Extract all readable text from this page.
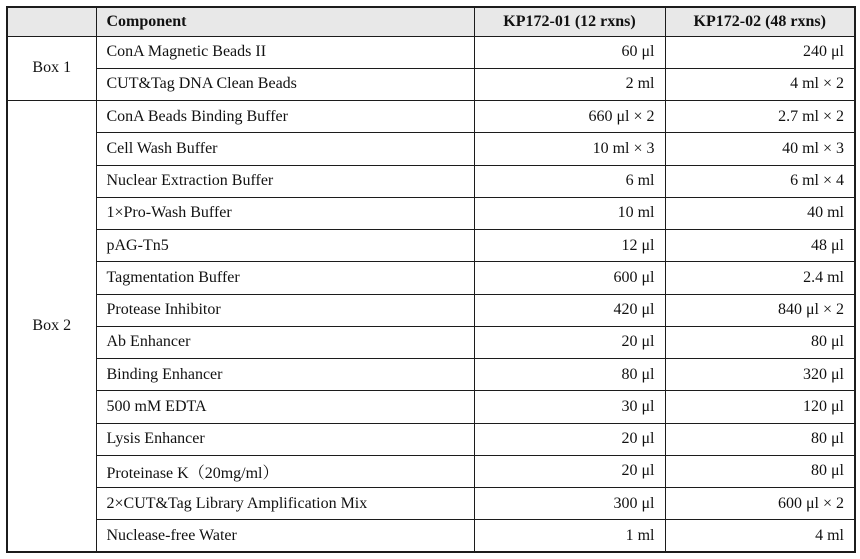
	Component	KP172-01 (12 rxns)	KP172-02 (48 rxns)
Box 1	ConA Magnetic Beads II	60 μl	240 μl
	CUT&Tag DNA Clean Beads	2 ml	4 ml × 2
Box 2	ConA Beads Binding Buffer	660 μl × 2	2.7 ml × 2
	Cell Wash Buffer	10 ml × 3	40 ml × 3
	Nuclear Extraction Buffer	6 ml	6 ml × 4
	1×Pro-Wash Buffer	10 ml	40 ml
	pAG-Tn5	12 μl	48 μl
	Tagmentation Buffer	600 μl	2.4 ml
	Protease Inhibitor	420 μl	840 μl × 2
	Ab Enhancer	20 μl	80 μl
	Binding Enhancer	80 μl	320 μl
	500 mM EDTA	30 μl	120 μl
	Lysis Enhancer	20 μl	80 μl
	Proteinase K（20mg/ml）	20 μl	80 μl
	2×CUT&Tag Library Amplification Mix	300 μl	600 μl × 2
	Nuclease-free Water	1 ml	4 ml
